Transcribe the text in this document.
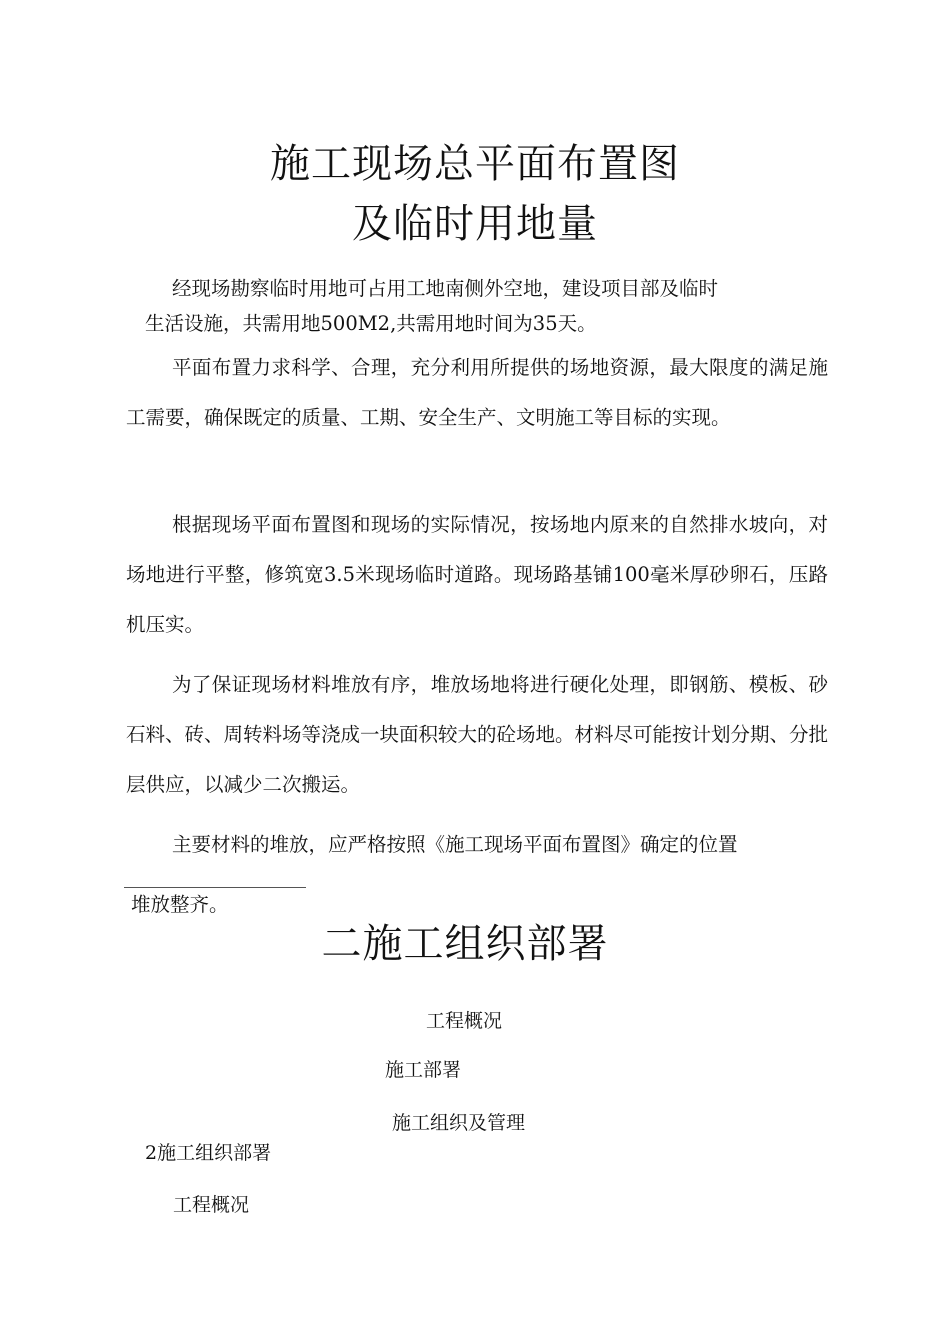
施工现场总平面布置图
及临时用地量

经现场勘察临时用地可占用工地南侧外空地，建设项目部及临时

生活设施，共需用地500M2,共需用地时间为35天。

平面布置力求科学、合理，充分利用所提供的场地资源，最大限度的满足施工需要，确保既定的质量、工期、安全生产、文明施工等目标的实现。

根据现场平面布置图和现场的实际情况，按场地内原来的自然排水坡向，对场地进行平整，修筑宽3.5米现场临时道路。现场路基铺100毫米厚砂卵石，压路机压实。

为了保证现场材料堆放有序，堆放场地将进行硬化处理，即钢筋、模板、砂石料、砖、周转料场等浇成一块面积较大的砼场地。材料尽可能按计划分期、分批层供应，以减少二次搬运。

主要材料的堆放，应严格按照《施工现场平面布置图》确定的位置

堆放整齐。

二施工组织部署

工程概况

施工部署

施工组织及管理

2施工组织部署

工程概况
